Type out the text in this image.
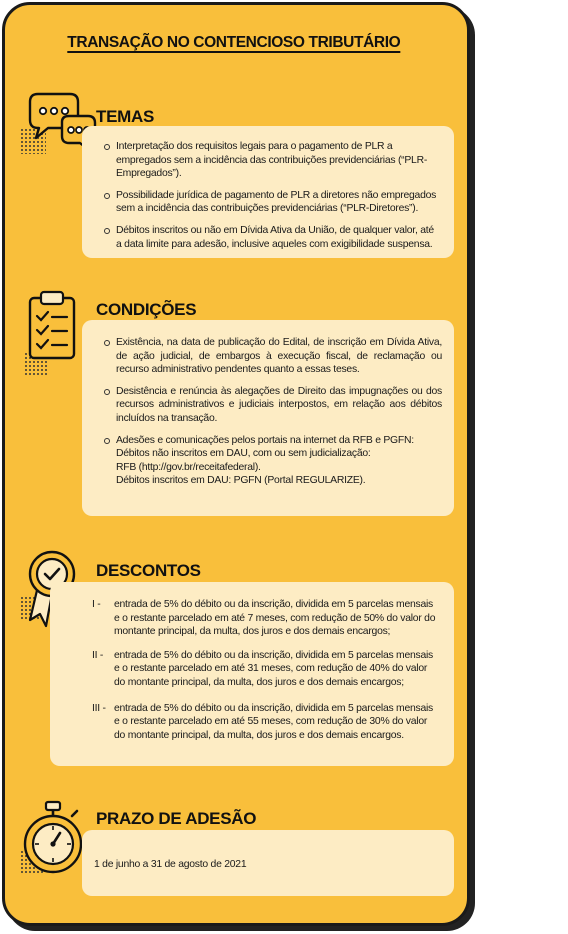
TRANSAÇÃO NO CONTENCIOSO TRIBUTÁRIO
TEMAS
Interpretação dos requisitos legais para o pagamento de PLR a empregados sem a incidência das contribuições previdenciárias (“PLR-Empregados”).
Possibilidade jurídica de pagamento de PLR a diretores não empregados sem a incidência das contribuições previdenciárias (“PLR-Diretores”).
Débitos inscritos ou não em Dívida Ativa da União, de qualquer valor, até a data limite para adesão, inclusive aqueles com exigibilidade suspensa.
CONDIÇÕES
Existência, na data de publicação do Edital, de inscrição em Dívida Ativa, de ação judicial, de embargos à execução fiscal, de reclamação ou recurso administrativo pendentes quanto a essas teses.
Desistência e renúncia às alegações de Direito das impugnações ou dos recursos administrativos e judiciais interpostos, em relação aos débitos incluídos na transação.
Adesões e comunicações pelos portais na internet da RFB e PGFN:
Débitos não inscritos em DAU, com ou sem judicialização:
RFB (http://gov.br/receitafederal).
Débitos inscritos em DAU: PGFN (Portal REGULARIZE).
DESCONTOS
I - entrada de 5% do débito ou da inscrição, dividida em 5 parcelas mensais e o restante parcelado em até 7 meses, com redução de 50% do valor do montante principal, da multa, dos juros e dos demais encargos;
II - entrada de 5% do débito ou da inscrição, dividida em 5 parcelas mensais e o restante parcelado em até 31 meses, com redução de 40% do valor do montante principal, da multa, dos juros e dos demais encargos;
III - entrada de 5% do débito ou da inscrição, dividida em 5 parcelas mensais e o restante parcelado em até 55 meses, com redução de 30% do valor do montante principal, da multa, dos juros e dos demais encargos.
PRAZO DE ADESÃO
1 de junho a 31 de agosto de 2021
